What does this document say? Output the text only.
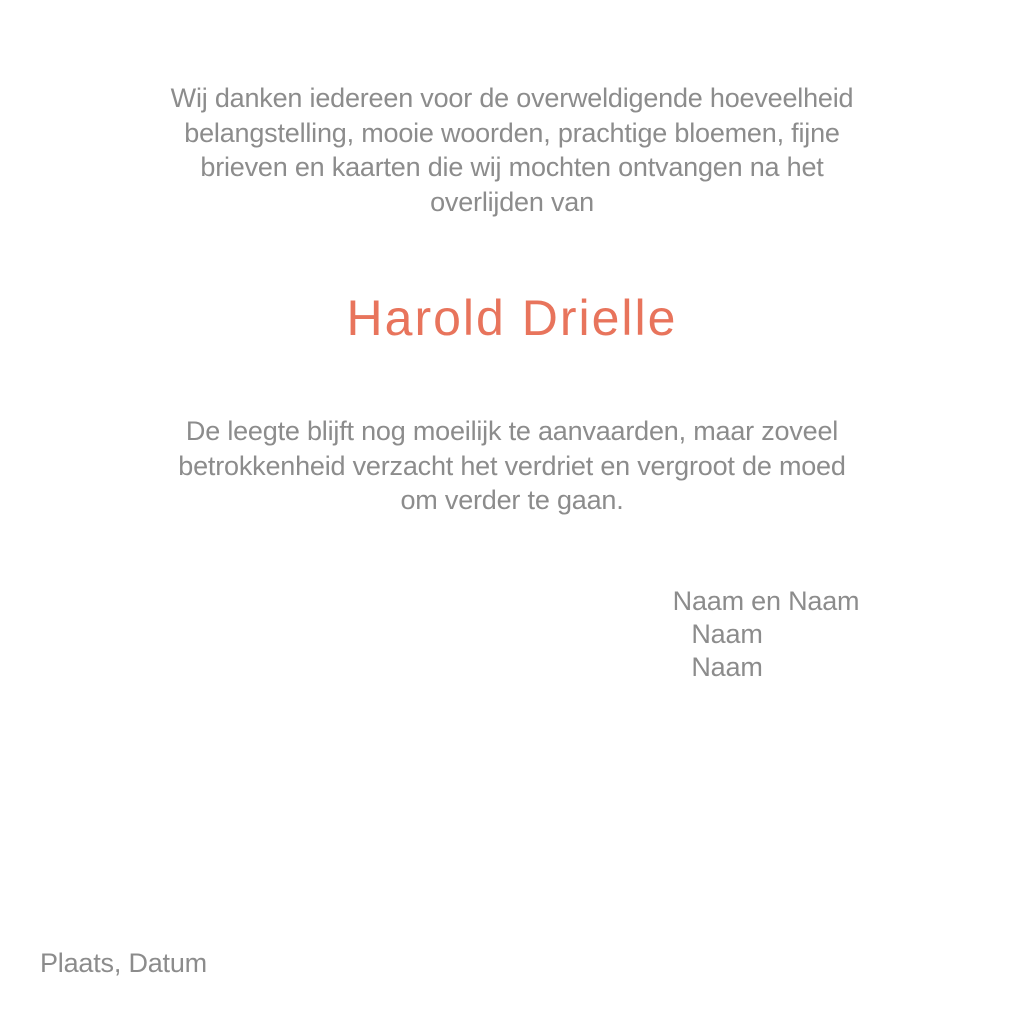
Wij danken iedereen voor de overweldigende hoeveelheid
belangstelling, mooie woorden, prachtige bloemen, fijne
brieven en kaarten die wij mochten ontvangen na het
overlijden van
Harold Drielle
De leegte blijft nog moeilijk te aanvaarden, maar zoveel
betrokkenheid verzacht het verdriet en vergroot de moed
om verder te gaan.
Naam en Naam
Naam
Naam
Plaats, Datum
